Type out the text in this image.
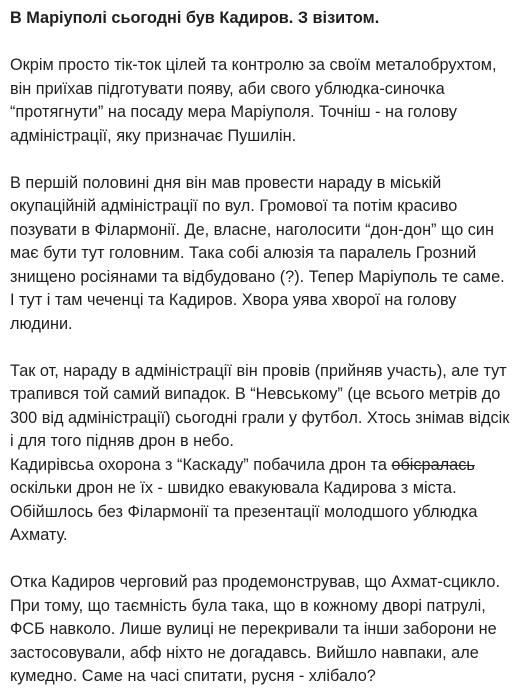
В Маріуполі сьогодні був Кадиров. З візитом.

Окрім просто тік-ток цілей та контролю за своїм металобрухтом,
він приїхав підготувати появу, аби свого ублюдка-синочка
“протягнути” на посаду мера Маріуполя. Точніш - на голову
адміністрації, яку призначає Пушилін.
В першій половині дня він мав провести нараду в міській
окупаційній адміністрації по вул. Громової та потім красиво
позувати в Філармонії. Де, власне, наголосити “дон-дон” що син
має бути тут головним. Така собі алюзія та паралель Грозний
знищено росіянами та відбудовано (?). Тепер Маріуполь те саме.
І тут і там чеченці та Кадиров. Хвора уява хворої на голову
людини.
Так от, нараду в адміністрації він провів (прийняв участь), але тут
трапився той самий випадок. В “Невському” (це всього метрів до
300 від адміністрації) сьогодні грали у футбол. Хтось знімав відсік
і для того підняв дрон в небо.
Кадирівсьа охорона з “Каскаду” побачила дрон та обісралась
оскільки дрон не їх - швидко евакуювала Кадирова з міста.
Обійшлось без Філармонії та презентації молодшого ублюдка
Ахмату.
Отка Кадиров черговий раз продемонстрував, що Ахмат-сцикло.
При тому, що таємність була така, що в кожному дворі патрулі,
ФСБ навколо. Лише вулиці не перекривали та інши заборони не
застосовували, абф ніхто не догадавсь. Вийшло навпаки, але
кумедно. Саме на часі спитати, русня - хлібало?
